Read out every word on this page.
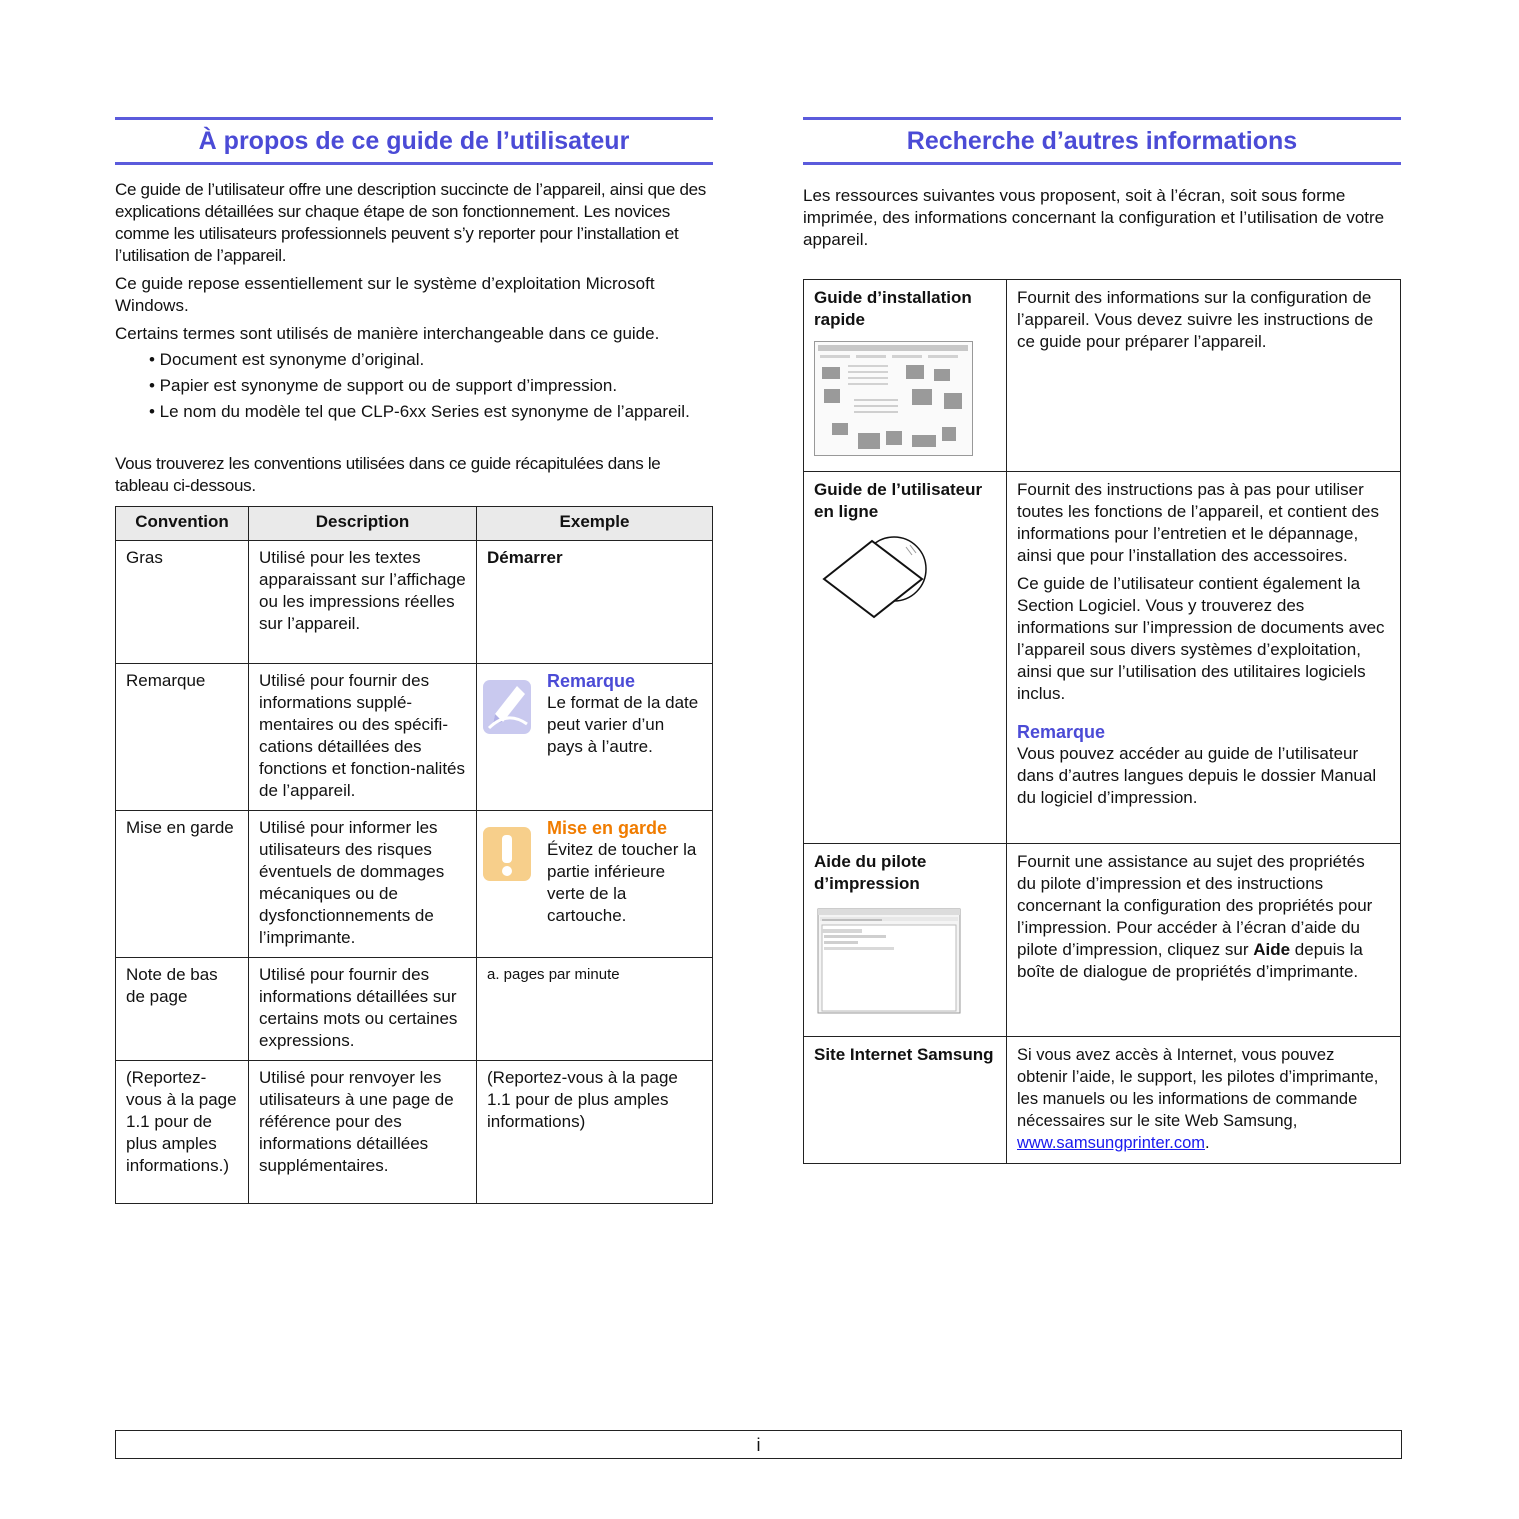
À propos de ce guide de l’utilisateur

Ce guide de l’utilisateur offre une description succincte de l’appareil, ainsi que des explications détaillées sur chaque étape de son fonctionnement. Les novices comme les utilisateurs professionnels peuvent s’y reporter pour l’installation et l’utilisation de l’appareil.

Ce guide repose essentiellement sur le système d’exploitation Microsoft Windows.

Certains termes sont utilisés de manière interchangeable dans ce guide.

• Document est synonyme d’original.
• Papier est synonyme de support ou de support d’impression.
• Le nom du modèle tel que CLP-6xx Series est synonyme de l’appareil.

Vous trouverez les conventions utilisées dans ce guide récapitulées dans le tableau ci-dessous.

Convention	Description	Exemple
Gras	Utilisé pour les textes apparaissant sur l’affichage ou les impressions réelles sur l’appareil.	Démarrer
Remarque	Utilisé pour fournir des informations supplé-mentaires ou des spécifi-cations détaillées des fonctions et fonction-nalités de l’appareil.	Remarque
Le format de la date peut varier d’un pays à l’autre.

Mise en garde	Utilisé pour informer les utilisateurs des risques éventuels de dommages mécaniques ou de dysfonctionnements de l’imprimante.	Mise en garde
Évitez de toucher la partie inférieure verte de la cartouche.

Note de bas de page	Utilisé pour fournir des informations détaillées sur certains mots ou certaines expressions.	a. pages par minute
(Reportez-vous à la page 1.1 pour de plus amples informations.)	Utilisé pour renvoyer les utilisateurs à une page de référence pour des informations détaillées supplémentaires.	(Reportez-vous à la page 1.1 pour de plus amples informations)
Recherche d’autres informations

Les ressources suivantes vous proposent, soit à l’écran, soit sous forme imprimée, des informations concernant la configuration et l’utilisation de votre appareil.

Guide d’installation rapide	Fournit des informations sur la configuration de l’appareil. Vous devez suivre les instructions de ce guide pour préparer l’appareil.

Guide de l’utilisateur en ligne	Fournit des instructions pas à pas pour utiliser toutes les fonctions de l’appareil, et contient des informations pour l’entretien et le dépannage, ainsi que pour l’installation des accessoires.
Ce guide de l’utilisateur contient également la Section Logiciel. Vous y trouverez des informations sur l’impression de documents avec l’appareil sous divers systèmes d’exploitation, ainsi que sur l’utilisation des utilitaires logiciels inclus.
Remarque
Vous pouvez accéder au guide de l’utilisateur dans d’autres langues depuis le dossier Manual du logiciel d’impression.

Aide du pilote d’impression	Fournit une assistance au sujet des propriétés du pilote d’impression et des instructions concernant la configuration des propriétés pour l’impression. Pour accéder à l’écran d’aide du pilote d’impression, cliquez sur Aide depuis la boîte de dialogue de propriétés d’imprimante.

Site Internet Samsung	Si vous avez accès à Internet, vous pouvez obtenir l’aide, le support, les pilotes d’imprimante, les manuels ou les informations de commande nécessaires sur le site Web Samsung, www.samsungprinter.com.
i
